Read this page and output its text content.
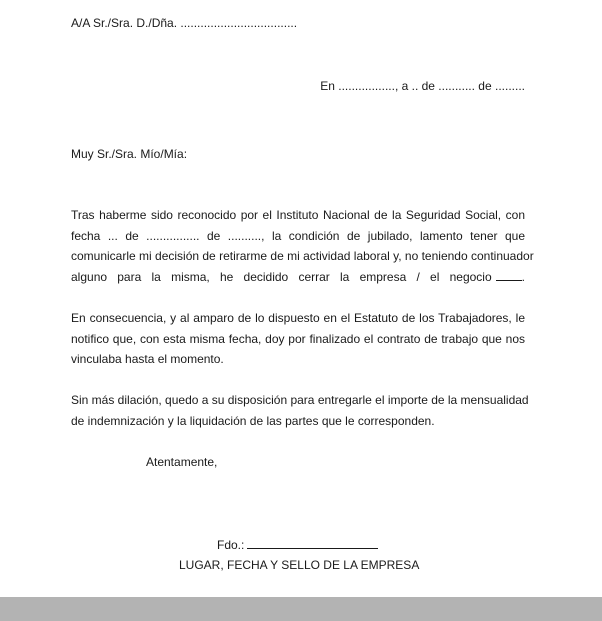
A/A Sr./Sra. D./Dña. ...................................
En ................., a .. de ........... de .........
Muy Sr./Sra. Mío/Mía:
Tras haberme sido reconocido por el Instituto Nacional de la Seguridad Social, con
fecha ... de ................ de .........., la condición de jubilado, lamento tener que
comunicarle mi decisión de retirarme de mi actividad laboral y, no teniendo continuador
alguno para la misma, he decidido cerrar la empresa / el negocio	.
En consecuencia, y al amparo de lo dispuesto en el Estatuto de los Trabajadores, le
notifico que, con esta misma fecha, doy por finalizado el contrato de trabajo que nos
vinculaba hasta el momento.
Sin más dilación, quedo a su disposición para entregarle el importe de la mensualidad
de indemnización y la liquidación de las partes que le corresponden.
Atentamente,
Fdo.:
LUGAR, FECHA Y SELLO DE LA EMPRESA
